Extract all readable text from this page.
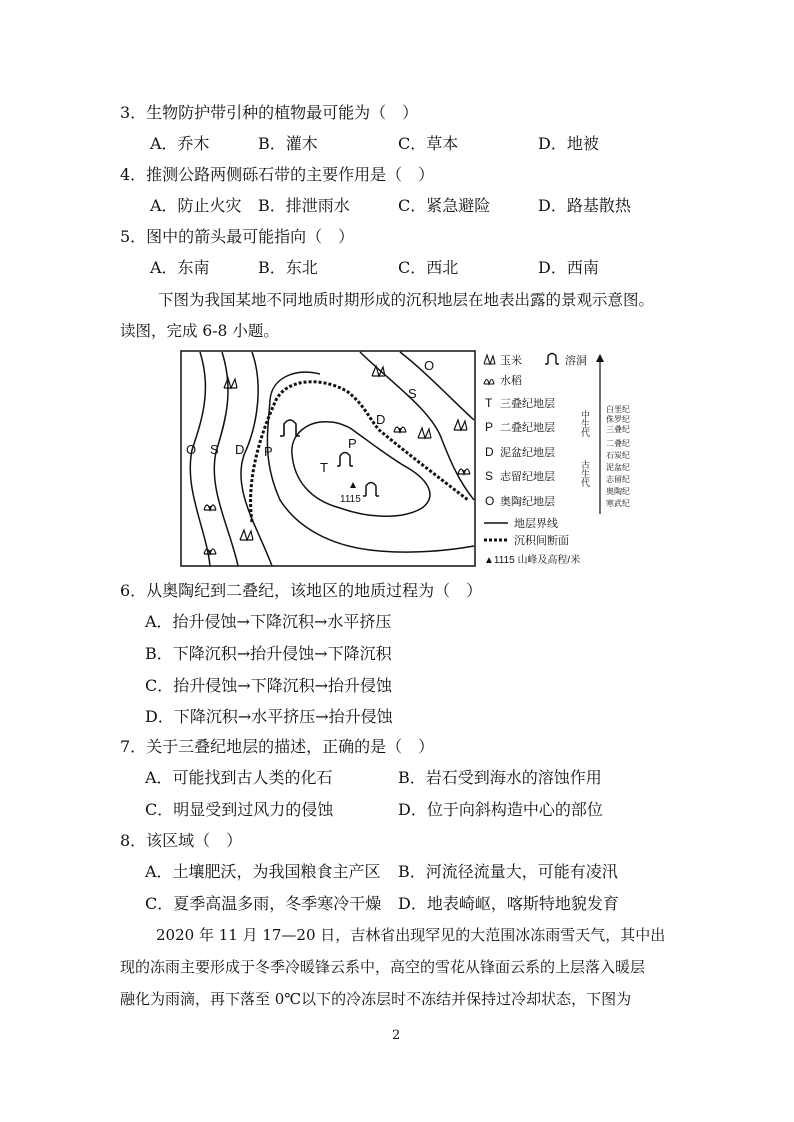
3．生物防护带引种的植物最可能为（　）
A．乔木	B．灌木	C．草本	D．地被
4．推测公路两侧砾石带的主要作用是（　）
A．防止火灾 B．排泄雨水	C．紧急避险	D．路基散热
5．图中的箭头最可能指向（　）
A．东南	B．东北	C．西北	D．西南
下图为我国某地不同地质时期形成的沉积地层在地表出露的景观示意图。
读图，完成 6-8 小题。
O S D P
T
P
D
S
O
1115
玉米	溶洞
水稻
T 三叠纪地层
P 二叠纪地层
D 泥盆纪地层
S 志留纪地层
O 奥陶纪地层
地层界线
沉积间断面
▲1115 山峰及高程/米
中生代
古生代
白垩纪
侏罗纪
三叠纪
二叠纪
石炭纪
泥盆纪
志留纪
奥陶纪
寒武纪
6．从奥陶纪到二叠纪，该地区的地质过程为（　）
A．抬升侵蚀→下降沉积→水平挤压
B．下降沉积→抬升侵蚀→下降沉积
C．抬升侵蚀→下降沉积→抬升侵蚀
D．下降沉积→水平挤压→抬升侵蚀
7．关于三叠纪地层的描述，正确的是（　）
A．可能找到古人类的化石	B．岩石受到海水的溶蚀作用
C．明显受到过风力的侵蚀	D．位于向斜构造中心的部位
8．该区域（　）
A．土壤肥沃，为我国粮食主产区 B．河流径流量大，可能有凌汛
C．夏季高温多雨，冬季寒冷干燥 D．地表崎岖，喀斯特地貌发育
2020 年 11 月 17—20 日，吉林省出现罕见的大范围冰冻雨雪天气，其中出
现的冻雨主要形成于冬季冷暖锋云系中，高空的雪花从锋面云系的上层落入暖层
融化为雨滴，再下落至 0℃以下的冷冻层时不冻结并保持过冷却状态，下图为
2
